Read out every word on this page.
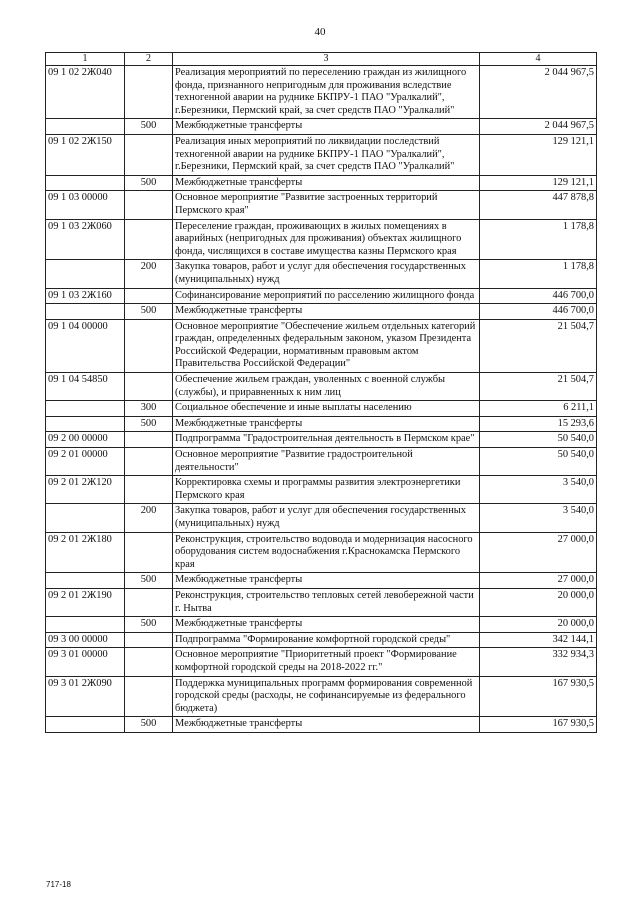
40
1	2	3	4
09 1 02 2Ж040		Реализация мероприятий по переселению граждан из жилищного фонда, признанного непригодным для проживания вследствие техногенной аварии на руднике БКПРУ-1 ПАО "Уралкалий", г.Березники, Пермский край, за счет средств ПАО "Уралкалий"	2 044 967,5
	500	Межбюджетные трансферты	2 044 967,5
09 1 02 2Ж150		Реализация иных мероприятий по ликвидации последствий техногенной аварии на руднике БКПРУ-1 ПАО "Уралкалий", г.Березники, Пермский край, за счет средств ПАО "Уралкалий"	129 121,1
	500	Межбюджетные трансферты	129 121,1
09 1 03 00000		Основное мероприятие "Развитие застроенных территорий Пермского края"	447 878,8
09 1 03 2Ж060		Переселение граждан, проживающих в жилых помещениях в аварийных (непригодных для проживания) объектах жилищного фонда, числящихся в составе имущества казны Пермского края	1 178,8
	200	Закупка товаров, работ и услуг для обеспечения государственных (муниципальных) нужд	1 178,8
09 1 03 2Ж160		Софинансирование мероприятий по расселению жилищного фонда	446 700,0
	500	Межбюджетные трансферты	446 700,0
09 1 04 00000		Основное мероприятие "Обеспечение жильем отдельных категорий граждан, определенных федеральным законом, указом Президента Российской Федерации, нормативным правовым актом Правительства Российской Федерации"	21 504,7
09 1 04 54850		Обеспечение жильем граждан, уволенных с военной службы (службы), и приравненных к ним лиц	21 504,7
	300	Социальное обеспечение и иные выплаты населению	6 211,1
	500	Межбюджетные трансферты	15 293,6
09 2 00 00000		Подпрограмма "Градостроительная деятельность в Пермском крае"	50 540,0
09 2 01 00000		Основное мероприятие "Развитие градостроительной деятельности"	50 540,0
09 2 01 2Ж120		Корректировка схемы и программы развития электроэнергетики Пермского края	3 540,0
	200	Закупка товаров, работ и услуг для обеспечения государственных (муниципальных) нужд	3 540,0
09 2 01 2Ж180		Реконструкция, строительство водовода и модернизация насосного оборудования систем водоснабжения г.Краснокамска Пермского края	27 000,0
	500	Межбюджетные трансферты	27 000,0
09 2 01 2Ж190		Реконструкция, строительство тепловых сетей левобережной части г. Нытва	20 000,0
	500	Межбюджетные трансферты	20 000,0
09 3 00 00000		Подпрограмма "Формирование комфортной городской среды"	342 144,1
09 3 01 00000		Основное мероприятие "Приоритетный проект "Формирование комфортной городской среды на 2018-2022 гг."	332 934,3
09 3 01 2Ж090		Поддержка муниципальных программ формирования современной городской среды (расходы, не софинансируемые из федерального бюджета)	167 930,5
	500	Межбюджетные трансферты	167 930,5
717-18
